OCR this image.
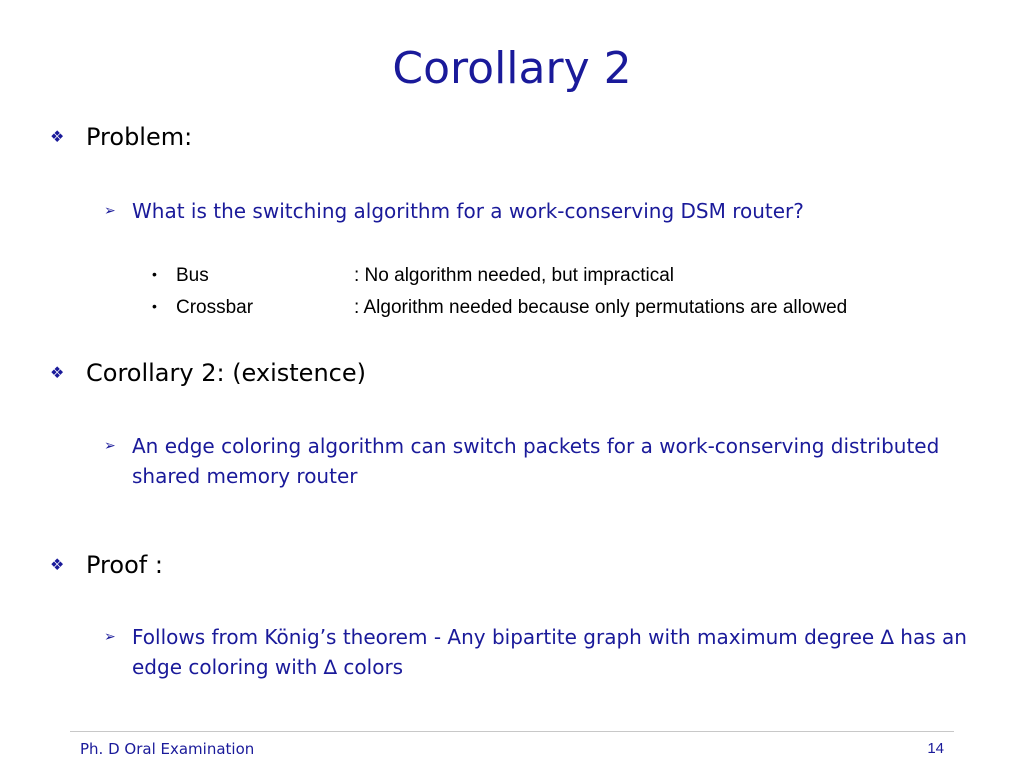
Corollary 2
❖ Problem:
➢ What is the switching algorithm for a work-conserving DSM router?
• Bus	: No algorithm needed, but impractical
• Crossbar	: Algorithm needed because only permutations are allowed
❖ Corollary 2: (existence)
➢ An edge coloring algorithm can switch packets for a work-conserving distributed shared memory router
❖ Proof :
➢ Follows from König’s theorem - Any bipartite graph with maximum degree ∆ has an edge coloring with ∆ colors
Ph. D Oral Examination	14
